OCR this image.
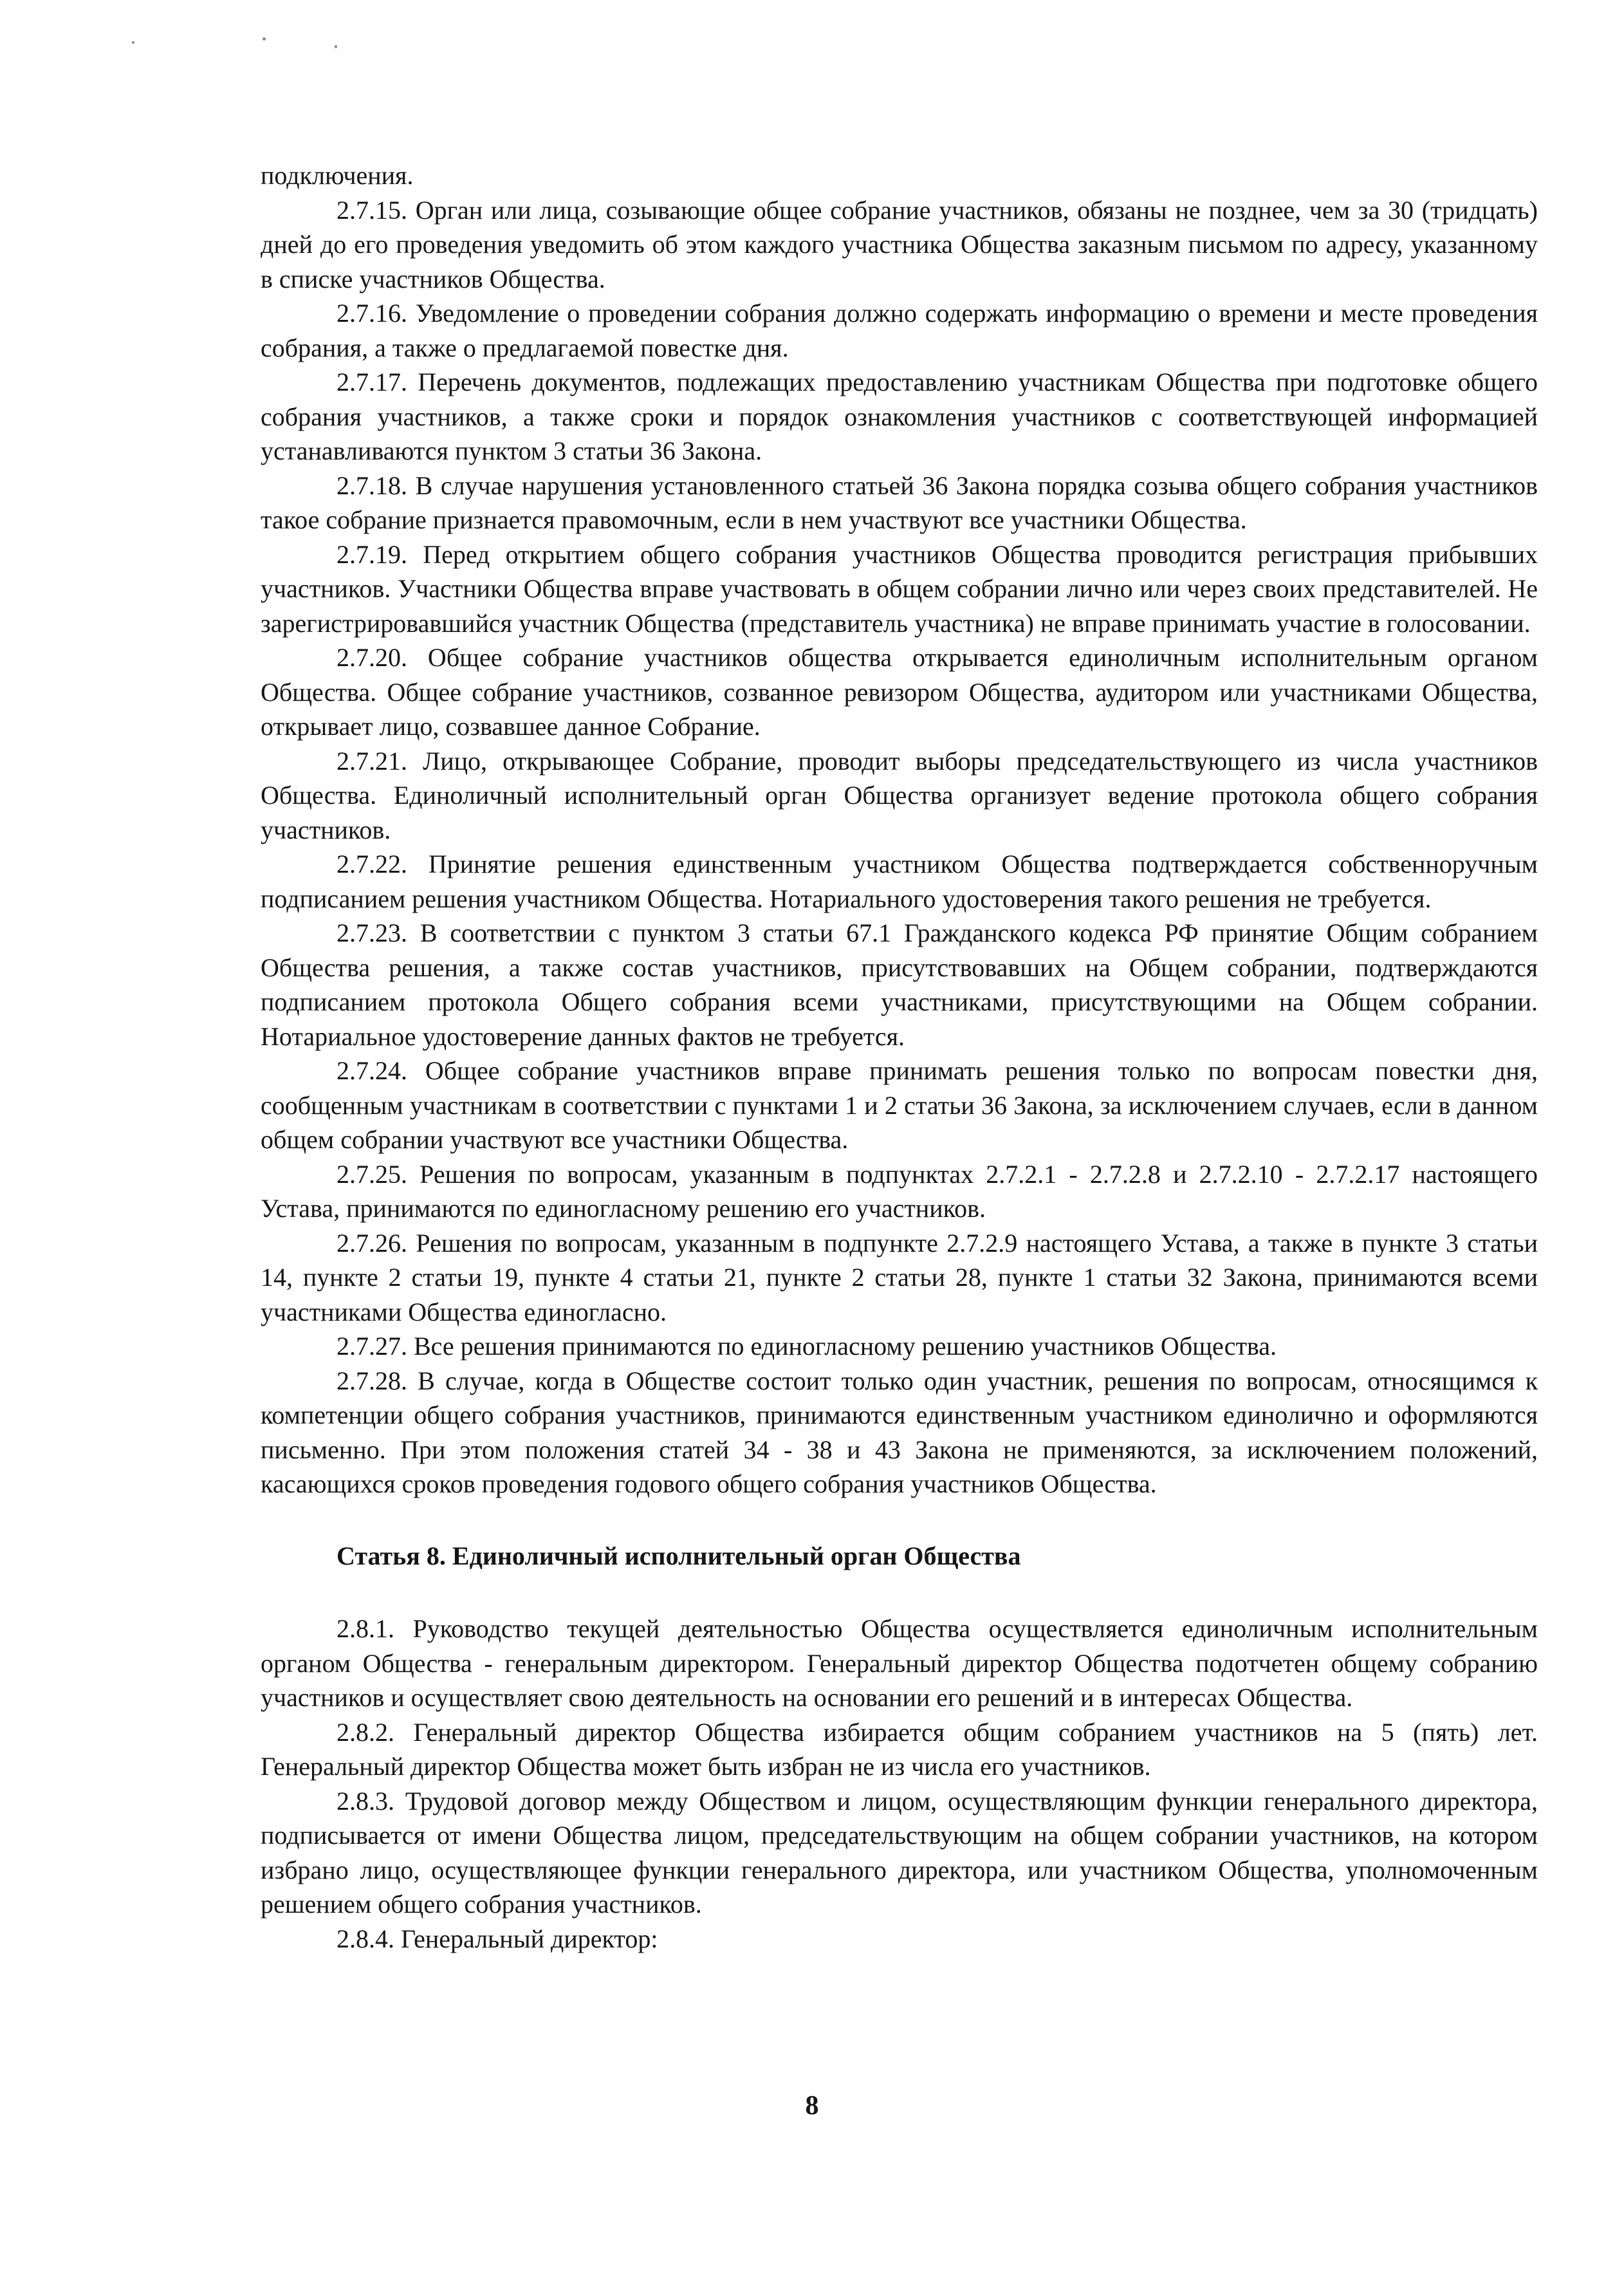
подключения.

2.7.15. Орган или лица, созывающие общее собрание участников, обязаны не позднее, чем за 30 (тридцать) дней до его проведения уведомить об этом каждого участника Общества заказным письмом по адресу, указанному в списке участников Общества.

2.7.16. Уведомление о проведении собрания должно содержать информацию о времени и месте проведения собрания, а также о предлагаемой повестке дня.

2.7.17. Перечень документов, подлежащих предоставлению участникам Общества при подготовке общего собрания участников, а также сроки и порядок ознакомления участников с соответствующей информацией устанавливаются пунктом 3 статьи 36 Закона.

2.7.18. В случае нарушения установленного статьей 36 Закона порядка созыва общего собрания участников такое собрание признается правомочным, если в нем участвуют все участники Общества.

2.7.19. Перед открытием общего собрания участников Общества проводится регистрация прибывших участников. Участники Общества вправе участвовать в общем собрании лично или через своих представителей. Не зарегистрировавшийся участник Общества (представитель участника) не вправе принимать участие в голосовании.

2.7.20. Общее собрание участников общества открывается единоличным исполнительным органом Общества. Общее собрание участников, созванное ревизором Общества, аудитором или участниками Общества, открывает лицо, созвавшее данное Собрание.

2.7.21. Лицо, открывающее Собрание, проводит выборы председательствующего из числа участников Общества. Единоличный исполнительный орган Общества организует ведение протокола общего собрания участников.

2.7.22. Принятие решения единственным участником Общества подтверждается собственноручным подписанием решения участником Общества. Нотариального удостоверения такого решения не требуется.

2.7.23. В соответствии с пунктом 3 статьи 67.1 Гражданского кодекса РФ принятие Общим собранием Общества решения, а также состав участников, присутствовавших на Общем собрании, подтверждаются подписанием протокола Общего собрания всеми участниками, присутствующими на Общем собрании. Нотариальное удостоверение данных фактов не требуется.

2.7.24. Общее собрание участников вправе принимать решения только по вопросам повестки дня, сообщенным участникам в соответствии с пунктами 1 и 2 статьи 36 Закона, за исключением случаев, если в данном общем собрании участвуют все участники Общества.

2.7.25. Решения по вопросам, указанным в подпунктах 2.7.2.1 - 2.7.2.8 и 2.7.2.10 - 2.7.2.17 настоящего Устава, принимаются по единогласному решению его участников.

2.7.26. Решения по вопросам, указанным в подпункте 2.7.2.9 настоящего Устава, а также в пункте 3 статьи 14, пункте 2 статьи 19, пункте 4 статьи 21, пункте 2 статьи 28, пункте 1 статьи 32 Закона, принимаются всеми участниками Общества единогласно.

2.7.27. Все решения принимаются по единогласному решению участников Общества.

2.7.28. В случае, когда в Обществе состоит только один участник, решения по вопросам, относящимся к компетенции общего собрания участников, принимаются единственным участником единолично и оформляются письменно. При этом положения статей 34 - 38 и 43 Закона не применяются, за исключением положений, касающихся сроков проведения годового общего собрания участников Общества.

Статья 8. Единоличный исполнительный орган Общества

2.8.1. Руководство текущей деятельностью Общества осуществляется единоличным исполнительным органом Общества - генеральным директором. Генеральный директор Общества подотчетен общему собранию участников и осуществляет свою деятельность на основании его решений и в интересах Общества.

2.8.2. Генеральный директор Общества избирается общим собранием участников на 5 (пять) лет. Генеральный директор Общества может быть избран не из числа его участников.

2.8.3. Трудовой договор между Обществом и лицом, осуществляющим функции генерального директора, подписывается от имени Общества лицом, председательствующим на общем собрании участников, на котором избрано лицо, осуществляющее функции генерального директора, или участником Общества, уполномоченным решением общего собрания участников.

2.8.4. Генеральный директор:

8
